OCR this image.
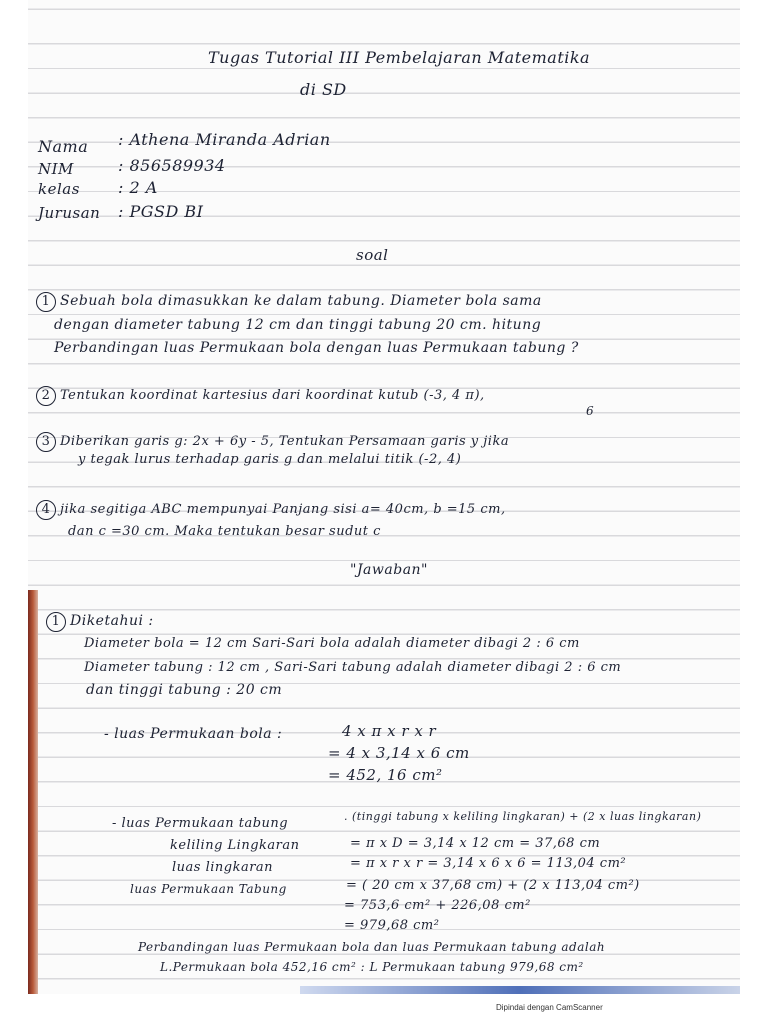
Tugas Tutorial III Pembelajaran Matematika
di SD
Nama : Athena Miranda Adrian
NIM	: 856589934
kelas : 2 A
Jurusan : PGSD BI
soal
1 Sebuah bola dimasukkan ke dalam tabung. Diameter bola sama
dengan diameter tabung 12 cm dan tinggi tabung 20 cm. hitung
Perbandingan luas Permukaan bola dengan luas Permukaan tabung ?
2 Tentukan koordinat kartesius dari koordinat kutub (-3, 4 π),
6
3 Diberikan garis g: 2x + 6y - 5, Tentukan Persamaan garis y jika
y tegak lurus terhadap garis g dan melalui titik (-2, 4)
4 jika segitiga ABC mempunyai Panjang sisi a= 40cm, b =15 cm,
dan c =30 cm. Maka tentukan besar sudut c
"Jawaban"
1 Diketahui :
Diameter bola = 12 cm Sari-Sari bola adalah diameter dibagi 2 : 6 cm
Diameter tabung : 12 cm , Sari-Sari tabung adalah diameter dibagi 2 : 6 cm
dan tinggi tabung : 20 cm
- luas Permukaan bola :	4 x π x r x r
= 4 x 3,14 x 6 cm
= 452, 16 cm²
- luas Permukaan tabung	. (tinggi tabung x keliling lingkaran) + (2 x luas lingkaran)
keliling Lingkaran	= π x D = 3,14 x 12 cm = 37,68 cm
luas lingkaran	= π x r x r = 3,14 x 6 x 6 = 113,04 cm²
luas Permukaan Tabung	= ( 20 cm x 37,68 cm) + (2 x 113,04 cm²)
= 753,6 cm² + 226,08 cm²
= 979,68 cm²
Perbandingan luas Permukaan bola dan luas Permukaan tabung adalah
L.Permukaan bola 452,16 cm² : L Permukaan tabung 979,68 cm²
Dipindai dengan CamScanner
